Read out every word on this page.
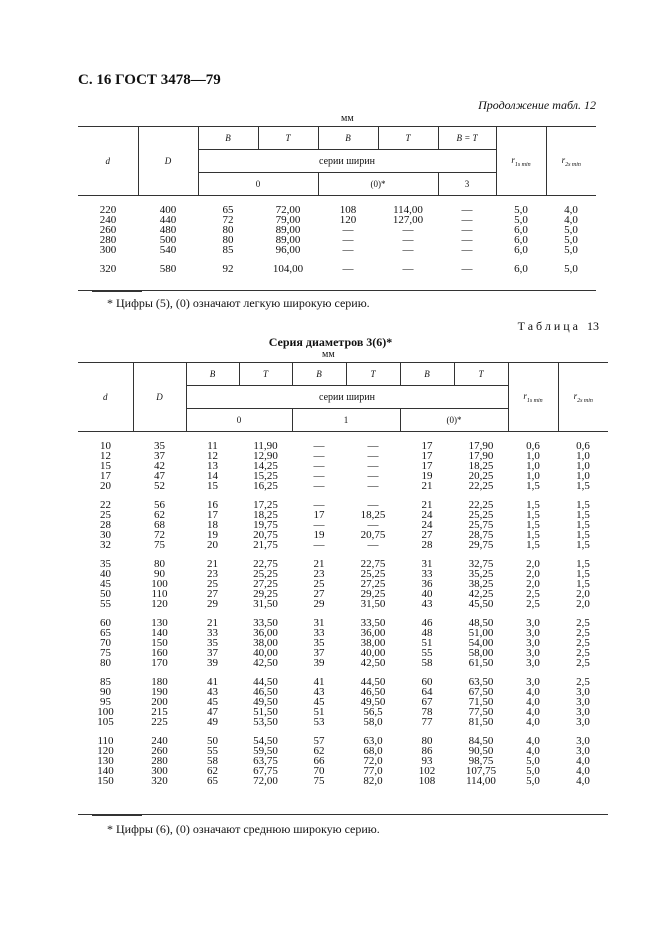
С. 16 ГОСТ 3478—79
Продолжение табл. 12
мм
d	D	B	T	B	T	B = T	$r_{1s min}$	$r_{2s min}$
		серии ширин						
		0		(0)*		3		

220	400	65	72,00	108	114,00	—	5,0	4,0
240	440	72	79,00	120	127,00	—	5,0	4,0
260	480	80	89,00	—	—	—	6,0	5,0
280	500	80	89,00	—	—	—	6,0	5,0
300	540	85	96,00	—	—	—	6,0	5,0

320	580	92	104,00	—	—	—	6,0	5,0
* Цифры (5), (0) означают легкую широкую серию.
Таблица 13
Серия диаметров 3(6)*
мм
d	D	B	T	B	T	B	T	$r_{1s min}$	$r_{2s min}$
		серии ширин							
		0		1		(0)*			

10	35	11	11,90	—	—	17	17,90	0,6	0,6
12	37	12	12,90	—	—	17	17,90	1,0	1,0
15	42	13	14,25	—	—	17	18,25	1,0	1,0
17	47	14	15,25	—	—	19	20,25	1,0	1,0
20	52	15	16,25	—	—	21	22,25	1,5	1,5

22	56	16	17,25	—	—	21	22,25	1,5	1,5
25	62	17	18,25	17	18,25	24	25,25	1,5	1,5
28	68	18	19,75	—	—	24	25,75	1,5	1,5
30	72	19	20,75	19	20,75	27	28,75	1,5	1,5
32	75	20	21,75	—	—	28	29,75	1,5	1,5

35	80	21	22,75	21	22,75	31	32,75	2,0	1,5
40	90	23	25,25	23	25,25	33	35,25	2,0	1,5
45	100	25	27,25	25	27,25	36	38,25	2,0	1,5
50	110	27	29,25	27	29,25	40	42,25	2,5	2,0
55	120	29	31,50	29	31,50	43	45,50	2,5	2,0

60	130	21	33,50	31	33,50	46	48,50	3,0	2,5
65	140	33	36,00	33	36,00	48	51,00	3,0	2,5
70	150	35	38,00	35	38,00	51	54,00	3,0	2,5
75	160	37	40,00	37	40,00	55	58,00	3,0	2,5
80	170	39	42,50	39	42,50	58	61,50	3,0	2,5

85	180	41	44,50	41	44,50	60	63,50	3,0	2,5
90	190	43	46,50	43	46,50	64	67,50	4,0	3,0
95	200	45	49,50	45	49,50	67	71,50	4,0	3,0
100	215	47	51,50	51	56,5	78	77,50	4,0	3,0
105	225	49	53,50	53	58,0	77	81,50	4,0	3,0

110	240	50	54,50	57	63,0	80	84,50	4,0	3,0
120	260	55	59,50	62	68,0	86	90,50	4,0	3,0
130	280	58	63,75	66	72,0	93	98,75	5,0	4,0
140	300	62	67,75	70	77,0	102	107,75	5,0	4,0
150	320	65	72,00	75	82,0	108	114,00	5,0	4,0
* Цифры (6), (0) означают среднюю широкую серию.
